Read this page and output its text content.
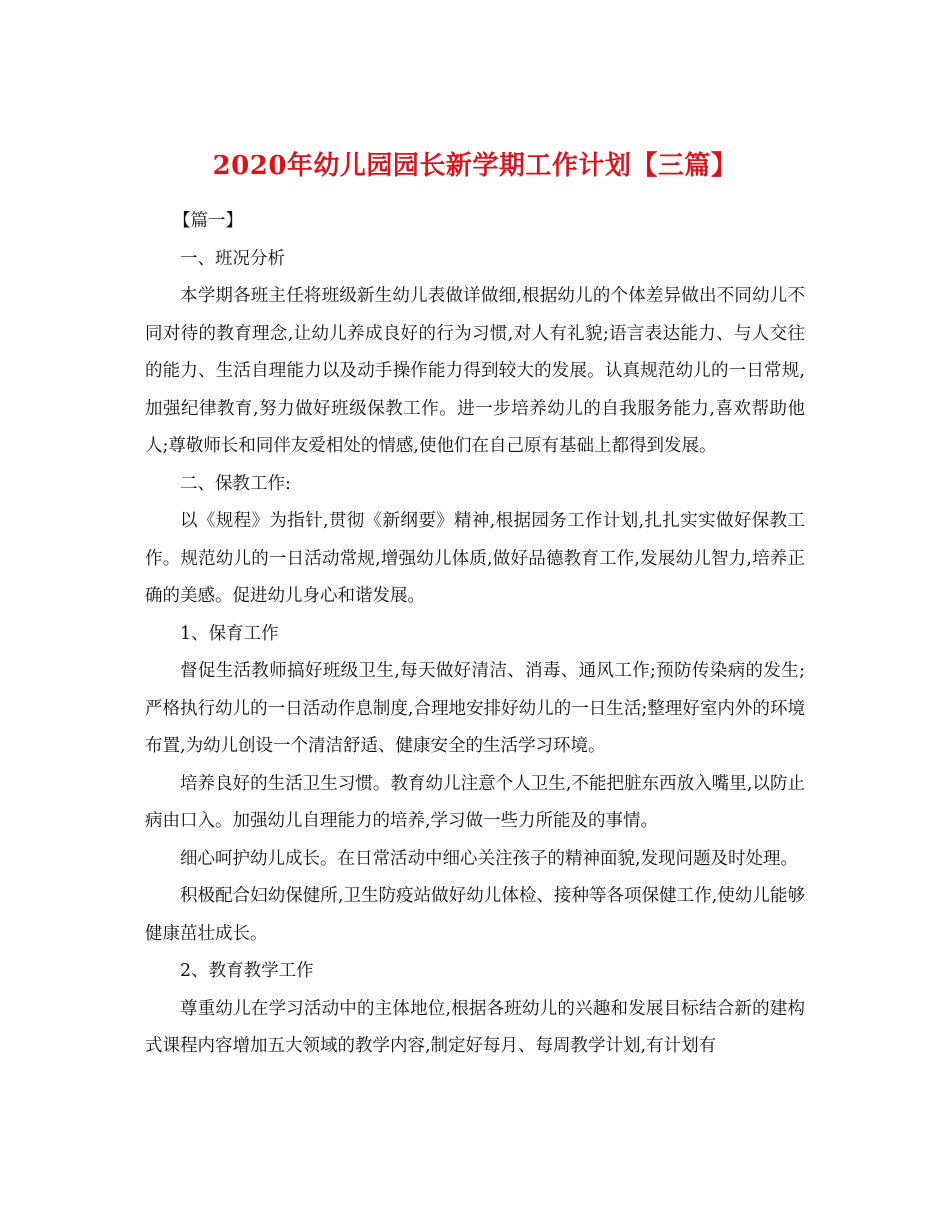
2020年幼儿园园长新学期工作计划【三篇】

【篇一】

一、班况分析

本学期各班主任将班级新生幼儿表做详做细,根据幼儿的个体差异做出不同幼儿不同对待的教育理念,让幼儿养成良好的行为习惯,对人有礼貌;语言表达能力、与人交往的能力、生活自理能力以及动手操作能力得到较大的发展。认真规范幼儿的一日常规,加强纪律教育,努力做好班级保教工作。进一步培养幼儿的自我服务能力,喜欢帮助他人;尊敬师长和同伴友爱相处的情感,使他们在自己原有基础上都得到发展。

二、保教工作:

以《规程》为指针,贯彻《新纲要》精神,根据园务工作计划,扎扎实实做好保教工作。规范幼儿的一日活动常规,增强幼儿体质,做好品德教育工作,发展幼儿智力,培养正确的美感。促进幼儿身心和谐发展。

1、保育工作

督促生活教师搞好班级卫生,每天做好清洁、消毒、通风工作;预防传染病的发生;严格执行幼儿的一日活动作息制度,合理地安排好幼儿的一日生活;整理好室内外的环境布置,为幼儿创设一个清洁舒适、健康安全的生活学习环境。

培养良好的生活卫生习惯。教育幼儿注意个人卫生,不能把脏东西放入嘴里,以防止病由口入。加强幼儿自理能力的培养,学习做一些力所能及的事情。

细心呵护幼儿成长。在日常活动中细心关注孩子的精神面貌,发现问题及时处理。

积极配合妇幼保健所,卫生防疫站做好幼儿体检、接种等各项保健工作,使幼儿能够健康茁壮成长。

2、教育教学工作

尊重幼儿在学习活动中的主体地位,根据各班幼儿的兴趣和发展目标结合新的建构式课程内容增加五大领域的教学内容,制定好每月、每周教学计划,有计划有
